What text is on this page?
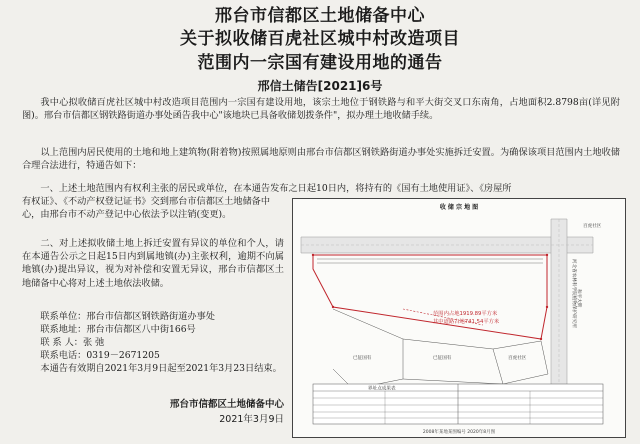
邢台市信都区土地储备中心
关于拟收储百虎社区城中村改造项目
范围内一宗国有建设用地的通告
邢信土储告[2021]6号

我中心拟收储百虎社区城中村改造项目范围内一宗国有建设用地，该宗土地位于钢铁路与和平大街交叉口东南角，占地面积2.8798亩(详见附图)。邢台市信都区钢铁路街道办事处函告我中心"该地块已具备收储划拨条件"，拟办理土地收储手续。

以上范围内居民使用的土地和地上建筑物(附着物)按照属地原则由邢台市信都区钢铁路街道办事处实施拆迁安置。为确保该项目范围内土地收储合理合法进行，特通告如下：

一、上述土地范围内有权利主张的居民或单位，在本通告发布之日起10日内，将持有的《国有土地使用证》、《房屋所

有权证》、《不动产权登记证书》交到邢台市信都区土地储备中心，由邢台市不动产登记中心依法予以注销(变更)。

二、对上述拟收储土地上拆迁安置有异议的单位和个人，请在本通告公示之日起15日内到属地镇(办)主张权利，逾期不向属地镇(办)提出异议，视为对补偿和安置无异议，邢台市信都区土地储备中心将对上述土地依法收储。

联系单位：邢台市信都区钢铁路街道办事处

联系地址：邢台市信都区八中街166号

联 系 人：张 弛

联系电话：0319－2671205

本通告有效期自2021年3月9日起至2021年3月23日结束。

邢台市信都区土地储备中心
2021年3月9日
收 储 宗 地 图
范围内占地1919.89平方米
其中道路占地741.54平方米
和平大街
河北省农林科学院植物保护研究所
百虎社区
已征国有	已征国有	百虎社区
界址点成果表
2008年某地某图编号 2020年8月图
